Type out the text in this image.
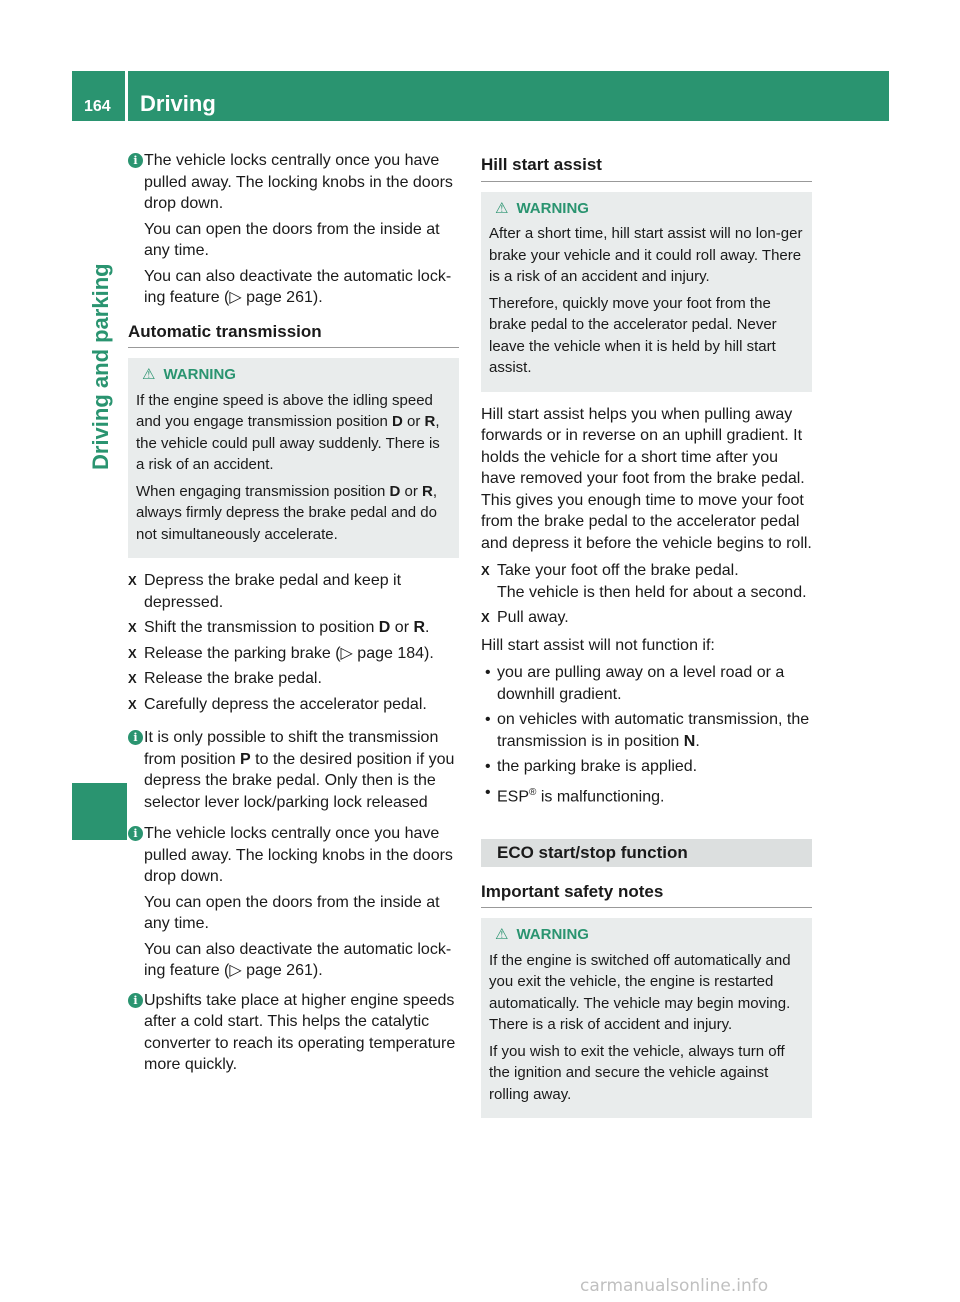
164 Driving
Driving and parking
i The vehicle locks centrally once you have pulled away. The locking knobs in the doors drop down.

You can open the doors from the inside at any time.

You can also deactivate the automatic lock-ing feature (▷ page 261).

Automatic transmission
⚠ WARNING

If the engine speed is above the idling speed and you engage transmission position D or R, the vehicle could pull away suddenly. There is a risk of an accident.

When engaging transmission position D or R, always firmly depress the brake pedal and do not simultaneously accelerate.

X Depress the brake pedal and keep it depressed.
X Shift the transmission to position D or R.
X Release the parking brake (▷ page 184).
X Release the brake pedal.
X Carefully depress the accelerator pedal.
i It is only possible to shift the transmission from position P to the desired position if you depress the brake pedal. Only then is the selector lever lock/parking lock released

i The vehicle locks centrally once you have pulled away. The locking knobs in the doors drop down.

You can open the doors from the inside at any time.

You can also deactivate the automatic lock-ing feature (▷ page 261).

i Upshifts take place at higher engine speeds after a cold start. This helps the catalytic converter to reach its operating temperature more quickly.

Hill start assist
⚠ WARNING

After a short time, hill start assist will no lon-ger brake your vehicle and it could roll away. There is a risk of an accident and injury.

Therefore, quickly move your foot from the brake pedal to the accelerator pedal. Never leave the vehicle when it is held by hill start assist.

Hill start assist helps you when pulling away forwards or in reverse on an uphill gradient. It holds the vehicle for a short time after you have removed your foot from the brake pedal. This gives you enough time to move your foot from the brake pedal to the accelerator pedal and depress it before the vehicle begins to roll.

X Take your foot off the brake pedal.
The vehicle is then held for about a second.
X Pull away.

Hill start assist will not function if:

• you are pulling away on a level road or a downhill gradient.
• on vehicles with automatic transmission, the transmission is in position N.
• the parking brake is applied.
• ESP® is malfunctioning.
ECO start/stop function
Important safety notes
⚠ WARNING

If the engine is switched off automatically and you exit the vehicle, the engine is restarted automatically. The vehicle may begin moving. There is a risk of accident and injury.

If you wish to exit the vehicle, always turn off the ignition and secure the vehicle against rolling away.

carmanualsonline.info
